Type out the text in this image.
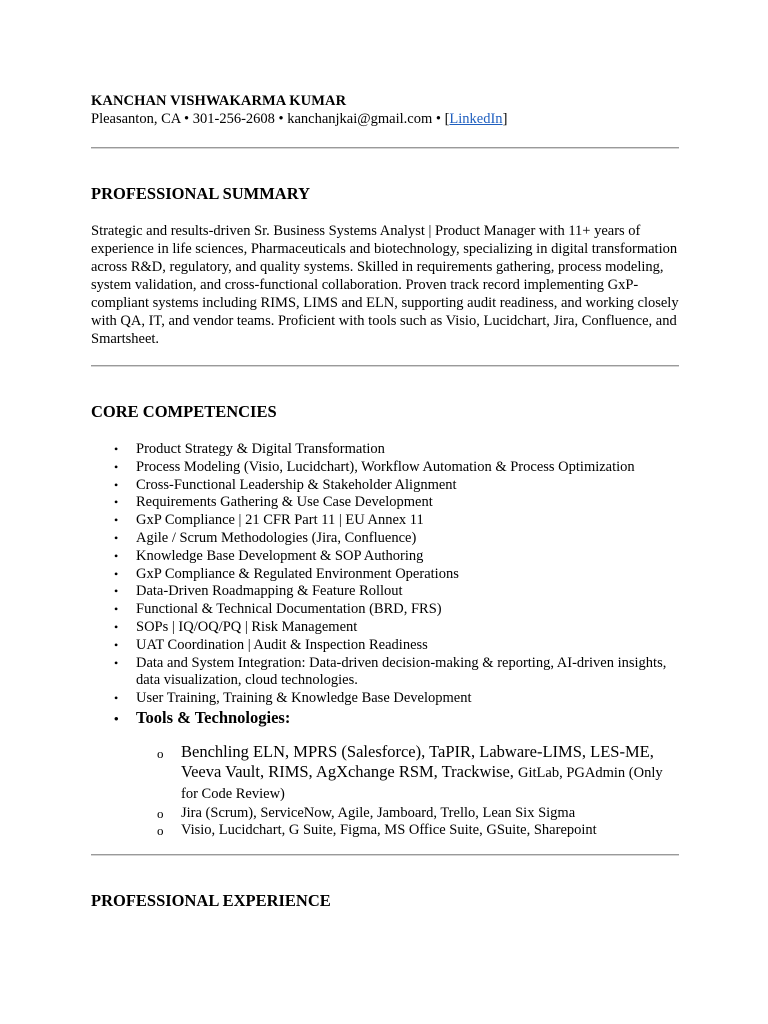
KANCHAN VISHWAKARMA KUMAR
Pleasanton, CA • 301-256-2608 • kanchanjkai@gmail.com • [LinkedIn]
PROFESSIONAL SUMMARY
Strategic and results-driven Sr. Business Systems Analyst | Product Manager with 11+ years of experience in life sciences, Pharmaceuticals and biotechnology, specializing in digital transformation across R&D, regulatory, and quality systems. Skilled in requirements gathering, process modeling, system validation, and cross-functional collaboration. Proven track record implementing GxP-compliant systems including RIMS, LIMS and ELN, supporting audit readiness, and working closely with QA, IT, and vendor teams. Proficient with tools such as Visio, Lucidchart, Jira, Confluence, and Smartsheet.
CORE COMPETENCIES
• Product Strategy & Digital Transformation
• Process Modeling (Visio, Lucidchart), Workflow Automation & Process Optimization
• Cross-Functional Leadership & Stakeholder Alignment
• Requirements Gathering & Use Case Development
• GxP Compliance | 21 CFR Part 11 | EU Annex 11
• Agile / Scrum Methodologies (Jira, Confluence)
• Knowledge Base Development & SOP Authoring
• GxP Compliance & Regulated Environment Operations
• Data-Driven Roadmapping & Feature Rollout
• Functional & Technical Documentation (BRD, FRS)
• SOPs | IQ/OQ/PQ | Risk Management
• UAT Coordination | Audit & Inspection Readiness
• Data and System Integration: Data-driven decision-making & reporting, AI-driven insights, data visualization, cloud technologies.
• User Training, Training & Knowledge Base Development
• Tools & Technologies:
o Benchling ELN, MPRS (Salesforce), TaPIR, Labware-LIMS, LES-ME, Veeva Vault, RIMS, AgXchange RSM, Trackwise, GitLab, PGAdmin (Only for Code Review)
o Jira (Scrum), ServiceNow, Agile, Jamboard, Trello, Lean Six Sigma
o Visio, Lucidchart, G Suite, Figma, MS Office Suite, GSuite, Sharepoint
PROFESSIONAL EXPERIENCE
